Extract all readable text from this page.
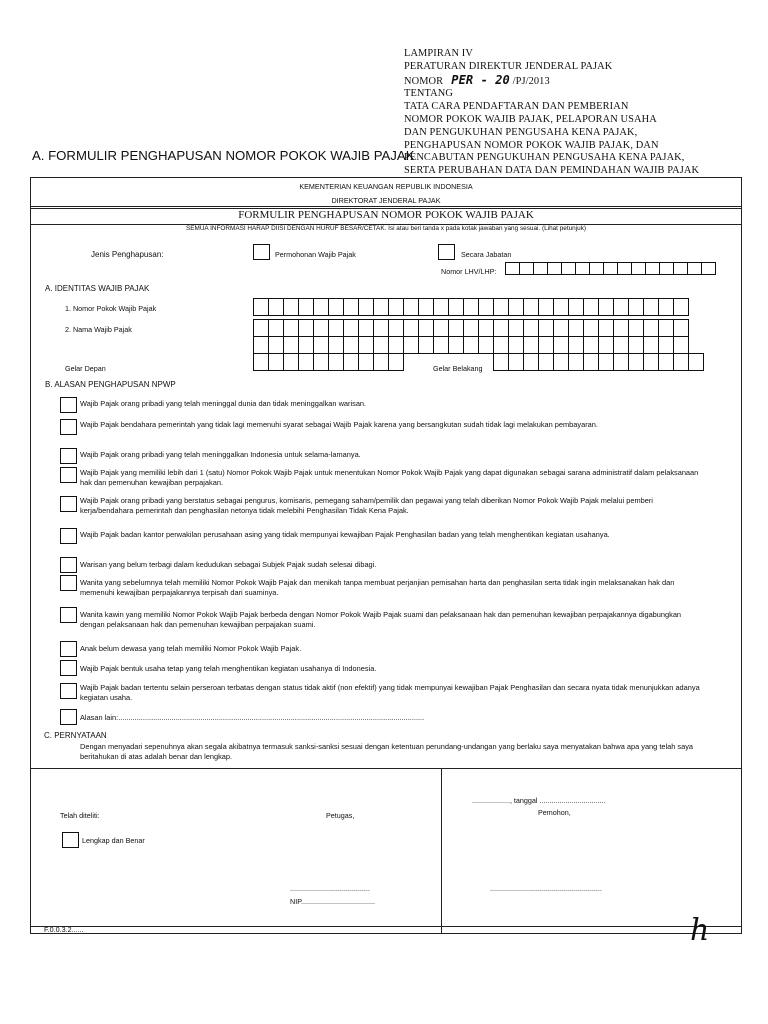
LAMPIRAN IV
PERATURAN DIREKTUR JENDERAL PAJAK
NOMOR PER - 20 /PJ/2013
TENTANG
TATA CARA PENDAFTARAN DAN PEMBERIAN
NOMOR POKOK WAJIB PAJAK, PELAPORAN USAHA
DAN PENGUKUHAN PENGUSAHA KENA PAJAK,
PENGHAPUSAN NOMOR POKOK WAJIB PAJAK, DAN
PENCABUTAN PENGUKUHAN PENGUSAHA KENA PAJAK,
SERTA PERUBAHAN DATA DAN PEMINDAHAN WAJIB PAJAK
A. FORMULIR PENGHAPUSAN NOMOR POKOK WAJIB PAJAK
KEMENTERIAN KEUANGAN REPUBLIK INDONESIA
DIREKTORAT JENDERAL PAJAK
FORMULIR PENGHAPUSAN NOMOR POKOK WAJIB PAJAK
SEMUA INFORMASI HARAP DIISI DENGAN HURUF BESAR/CETAK. Isi atau beri tanda x pada kotak jawaban yang sesuai. (Lihat petunjuk)
Jenis Penghapusan:	Permohonan Wajib Pajak	Secara Jabatan
Nomor LHV/LHP:
A. IDENTITAS WAJIB PAJAK
1. Nomor Pokok Wajib Pajak
2. Nama Wajib Pajak
Gelar Depan	Gelar Belakang
B. ALASAN PENGHAPUSAN NPWP
Wajib Pajak orang pribadi yang telah meninggal dunia dan tidak meninggalkan warisan.
Wajib Pajak bendahara pemerintah yang tidak lagi memenuhi syarat sebagai Wajib Pajak karena yang bersangkutan sudah tidak lagi melakukan pembayaran.
Wajib Pajak orang pribadi yang telah meninggalkan Indonesia untuk selama-lamanya.
Wajib Pajak yang memiliki lebih dari 1 (satu) Nomor Pokok Wajib Pajak untuk menentukan Nomor Pokok Wajib Pajak yang dapat digunakan sebagai sarana administratif dalam pelaksanaan hak dan pemenuhan kewajiban perpajakan.
Wajib Pajak orang pribadi yang berstatus sebagai pengurus, komisaris, pemegang saham/pemilik dan pegawai yang telah diberikan Nomor Pokok Wajib Pajak melalui pemberi kerja/bendahara pemerintah dan penghasilan netonya tidak melebihi Penghasilan Tidak Kena Pajak.
Wajib Pajak badan kantor perwakilan perusahaan asing yang tidak mempunyai kewajiban Pajak Penghasilan badan yang telah menghentikan kegiatan usahanya.
Warisan yang belum terbagi dalam kedudukan sebagai Subjek Pajak sudah selesai dibagi.
Wanita yang sebelumnya telah memiliki Nomor Pokok Wajib Pajak dan menikah tanpa membuat perjanjian pemisahan harta dan penghasilan serta tidak ingin melaksanakan hak dan memenuhi kewajiban perpajakannya terpisah dari suaminya.
Wanita kawin yang memiliki Nomor Pokok Wajib Pajak berbeda dengan Nomor Pokok Wajib Pajak suami dan pelaksanaan hak dan pemenuhan kewajiban perpajakannya digabungkan dengan pelaksanaan hak dan pemenuhan kewajiban perpajakan suami.
Anak belum dewasa yang telah memiliki Nomor Pokok Wajib Pajak.
Wajib Pajak bentuk usaha tetap yang telah menghentikan kegiatan usahanya di Indonesia.
Wajib Pajak badan tertentu selain perseroan terbatas dengan status tidak aktif (non efektif) yang tidak mempunyai kewajiban Pajak Penghasilan dan secara nyata tidak menunjukkan adanya kegiatan usaha.
Alasan lain:.....................................................................................................................................................
C. PERNYATAAN
Dengan menyadari sepenuhnya akan segala akibatnya termasuk sanksi-sanksi sesuai dengan ketentuan perundang-undangan yang berlaku saya menyatakan bahwa apa yang telah saya beritahukan di atas adalah benar dan lengkap.
Telah diteliti:	Petugas,
..................., tanggal .................................
Pemohon,
Lengkap dan Benar
........................................
NIP.....................................
........................................................
F.0.0.3.2......	h
